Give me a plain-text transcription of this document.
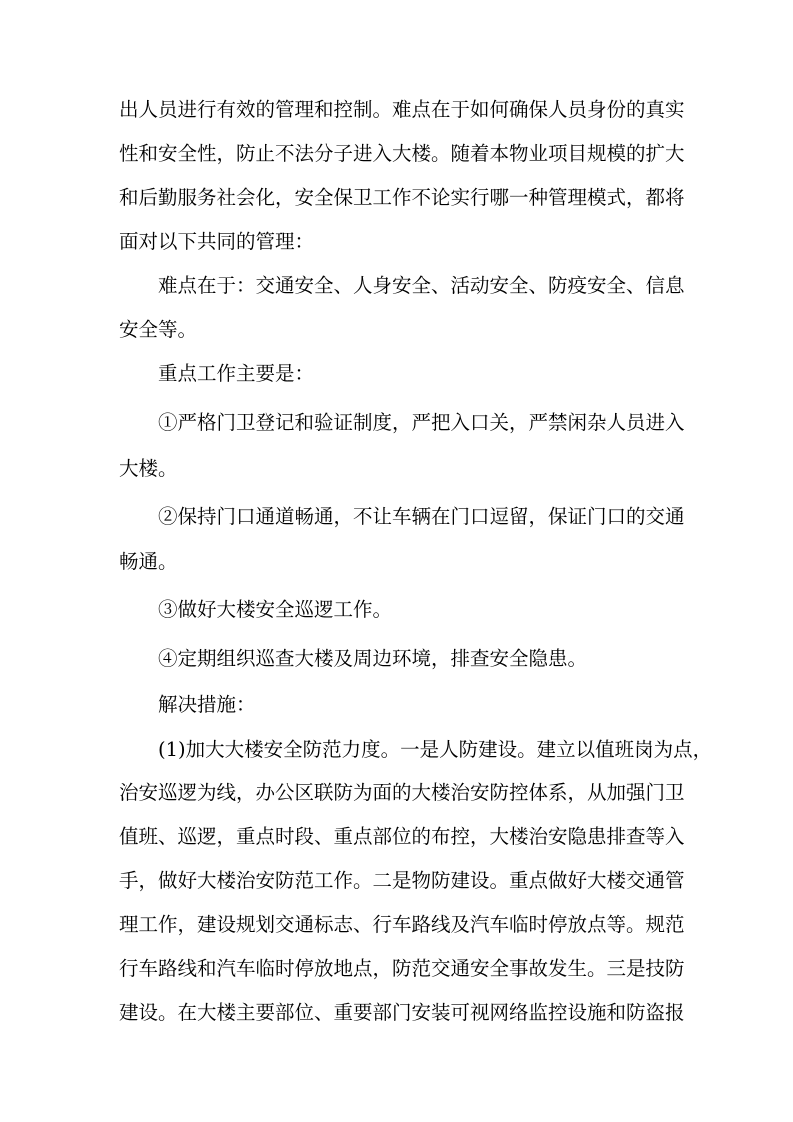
出人员进行有效的管理和控制。难点在于如何确保人员身份的真实
性和安全性，防止不法分子进入大楼。随着本物业项目规模的扩大
和后勤服务社会化，安全保卫工作不论实行哪一种管理模式，都将
面对以下共同的管理：
难点在于：交通安全、人身安全、活动安全、防疫安全、信息
安全等。
重点工作主要是：
①严格门卫登记和验证制度，严把入口关，严禁闲杂人员进入
大楼。
②保持门口通道畅通，不让车辆在门口逗留，保证门口的交通
畅通。
③做好大楼安全巡逻工作。
④定期组织巡查大楼及周边环境，排查安全隐患。
解决措施：
(1)加大大楼安全防范力度。一是人防建设。建立以值班岗为点，
治安巡逻为线，办公区联防为面的大楼治安防控体系，从加强门卫
值班、巡逻，重点时段、重点部位的布控，大楼治安隐患排查等入
手，做好大楼治安防范工作。二是物防建设。重点做好大楼交通管
理工作，建设规划交通标志、行车路线及汽车临时停放点等。规范
行车路线和汽车临时停放地点，防范交通安全事故发生。三是技防
建设。在大楼主要部位、重要部门安装可视网络监控设施和防盗报
